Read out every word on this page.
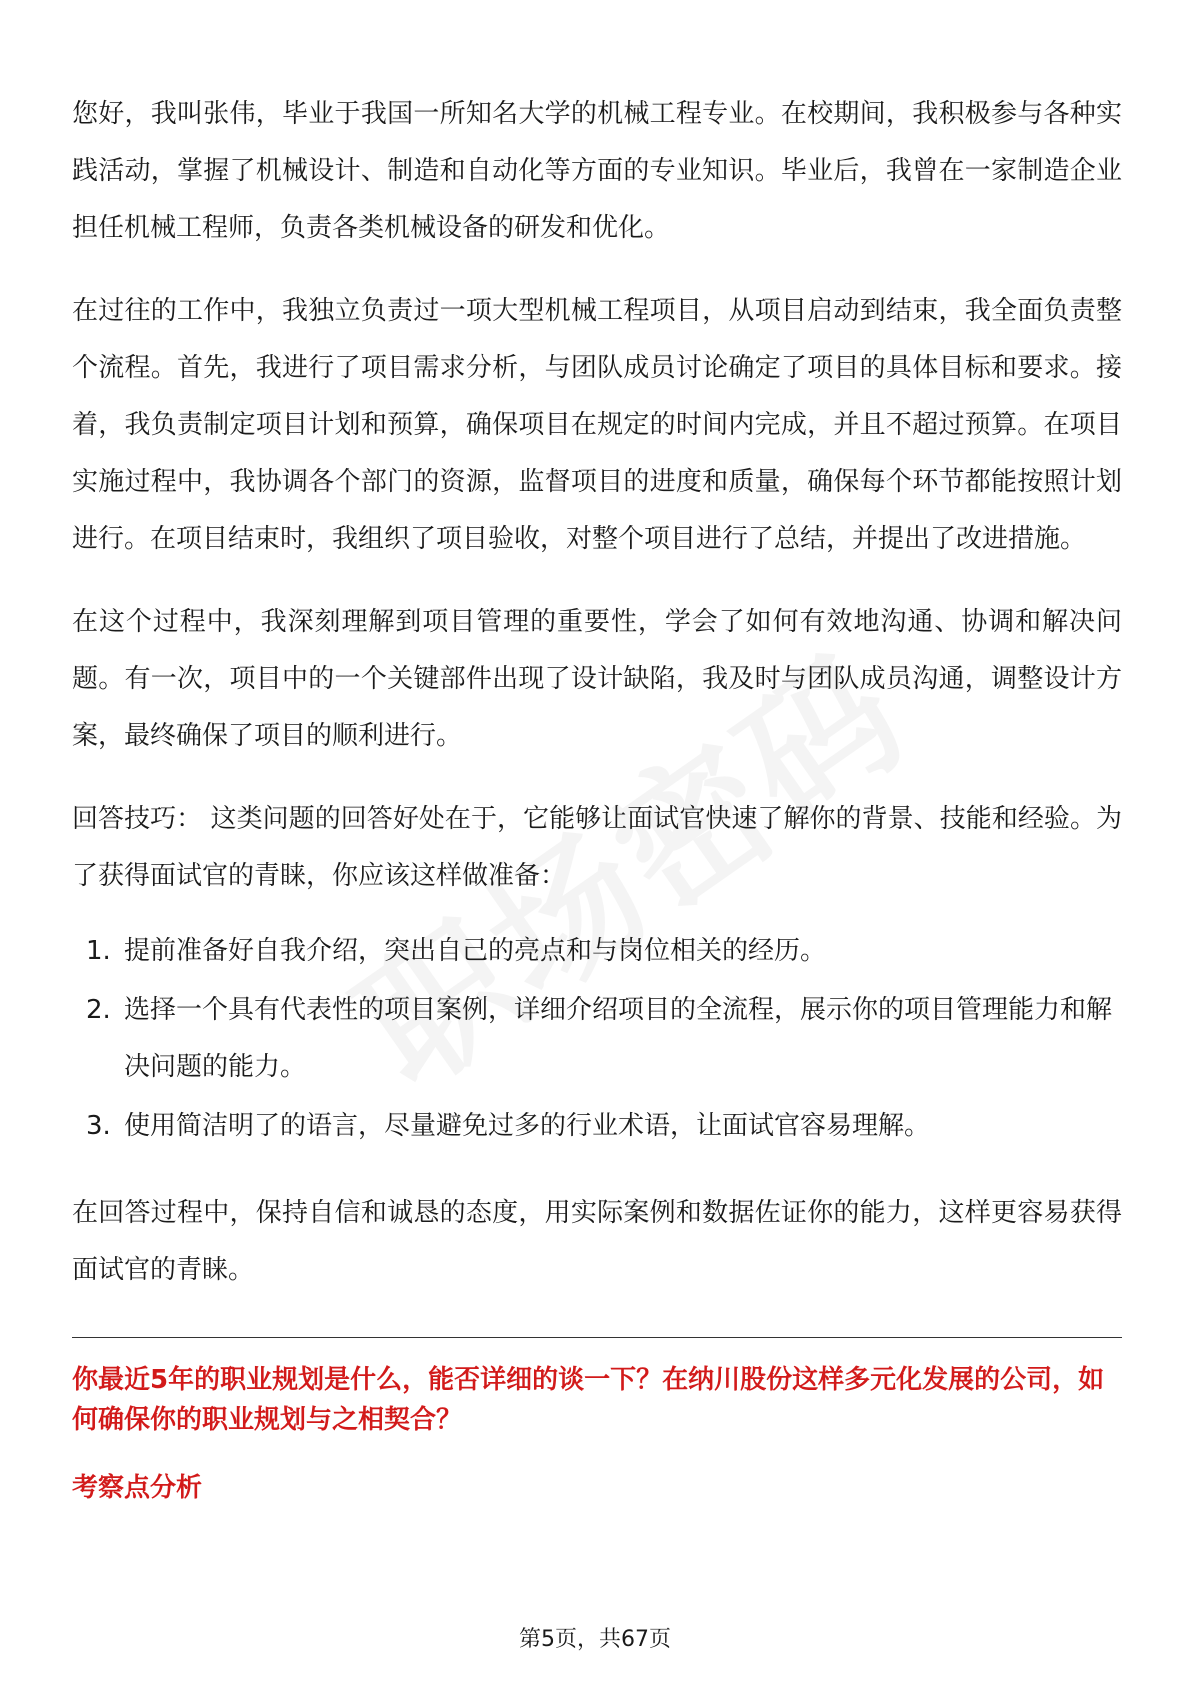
您好，我叫张伟，毕业于我国一所知名大学的机械工程专业。在校期间，我积极参与各种实践活动，掌握了机械设计、制造和自动化等方面的专业知识。毕业后，我曾在一家制造企业担任机械工程师，负责各类机械设备的研发和优化。

在过往的工作中，我独立负责过一项大型机械工程项目，从项目启动到结束，我全面负责整个流程。首先，我进行了项目需求分析，与团队成员讨论确定了项目的具体目标和要求。接着，我负责制定项目计划和预算，确保项目在规定的时间内完成，并且不超过预算。在项目实施过程中，我协调各个部门的资源，监督项目的进度和质量，确保每个环节都能按照计划进行。在项目结束时，我组织了项目验收，对整个项目进行了总结，并提出了改进措施。

在这个过程中，我深刻理解到项目管理的重要性，学会了如何有效地沟通、协调和解决问题。有一次，项目中的一个关键部件出现了设计缺陷，我及时与团队成员沟通，调整设计方案，最终确保了项目的顺利进行。

回答技巧： 这类问题的回答好处在于，它能够让面试官快速了解你的背景、技能和经验。为了获得面试官的青睐，你应该这样做准备：

1. 提前准备好自我介绍，突出自己的亮点和与岗位相关的经历。
2. 选择一个具有代表性的项目案例，详细介绍项目的全流程，展示你的项目管理能力和解决问题的能力。
3. 使用简洁明了的语言，尽量避免过多的行业术语，让面试官容易理解。

在回答过程中，保持自信和诚恳的态度，用实际案例和数据佐证你的能力，这样更容易获得面试官的青睐。

你最近5年的职业规划是什么，能否详细的谈一下？在纳川股份这样多元化发展的公司，如何确保你的职业规划与之相契合？

考察点分析

第5页，共67页
